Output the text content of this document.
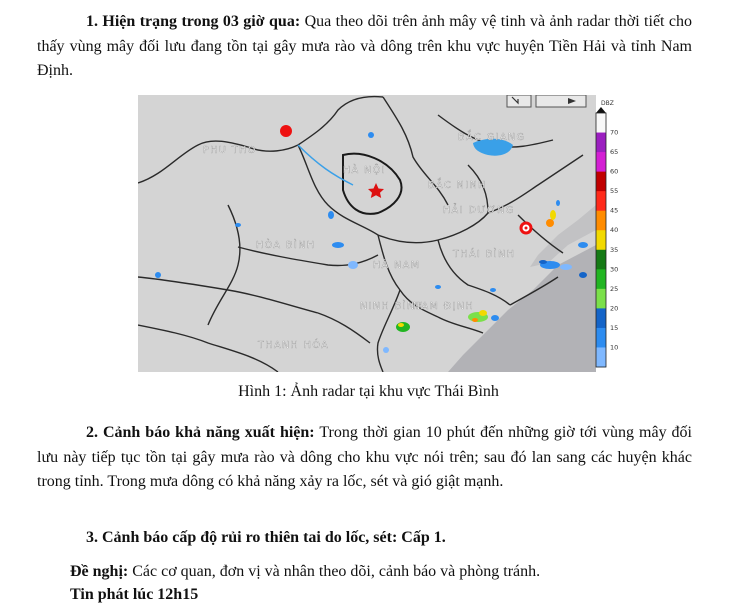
1. Hiện trạng trong 03 giờ qua: Qua theo dõi trên ảnh mây vệ tinh và ảnh radar thời tiết cho thấy vùng mây đối lưu đang tồn tại gây mưa rào và dông trên khu vực huyện Tiền Hải và tỉnh Nam Định.
PHU THO
HÀ NỘI
BẮC GIANG
BẮC NINH
HẢI DƯƠNG
HÒA BÌNH
HÀ NAM
THÁI BÌNH
NINH BÌNH
NAM ĐỊNH
THANH HÓA
DBZ
70
65
60
55
45
40
35
30
25
20
15
10
Hình 1: Ảnh radar tại khu vực Thái Bình
2. Cảnh báo khả năng xuất hiện: Trong thời gian 10 phút đến những giờ tới vùng mây đối lưu này tiếp tục tồn tại gây mưa rào và dông cho khu vực nói trên; sau đó lan sang các huyện khác trong tỉnh. Trong mưa dông có khả năng xảy ra lốc, sét và gió giật mạnh.
3. Cảnh báo cấp độ rủi ro thiên tai do lốc, sét: Cấp 1.
Đề nghị: Các cơ quan, đơn vị và nhân theo dõi, cảnh báo và phòng tránh.
Tin phát lúc 12h15
